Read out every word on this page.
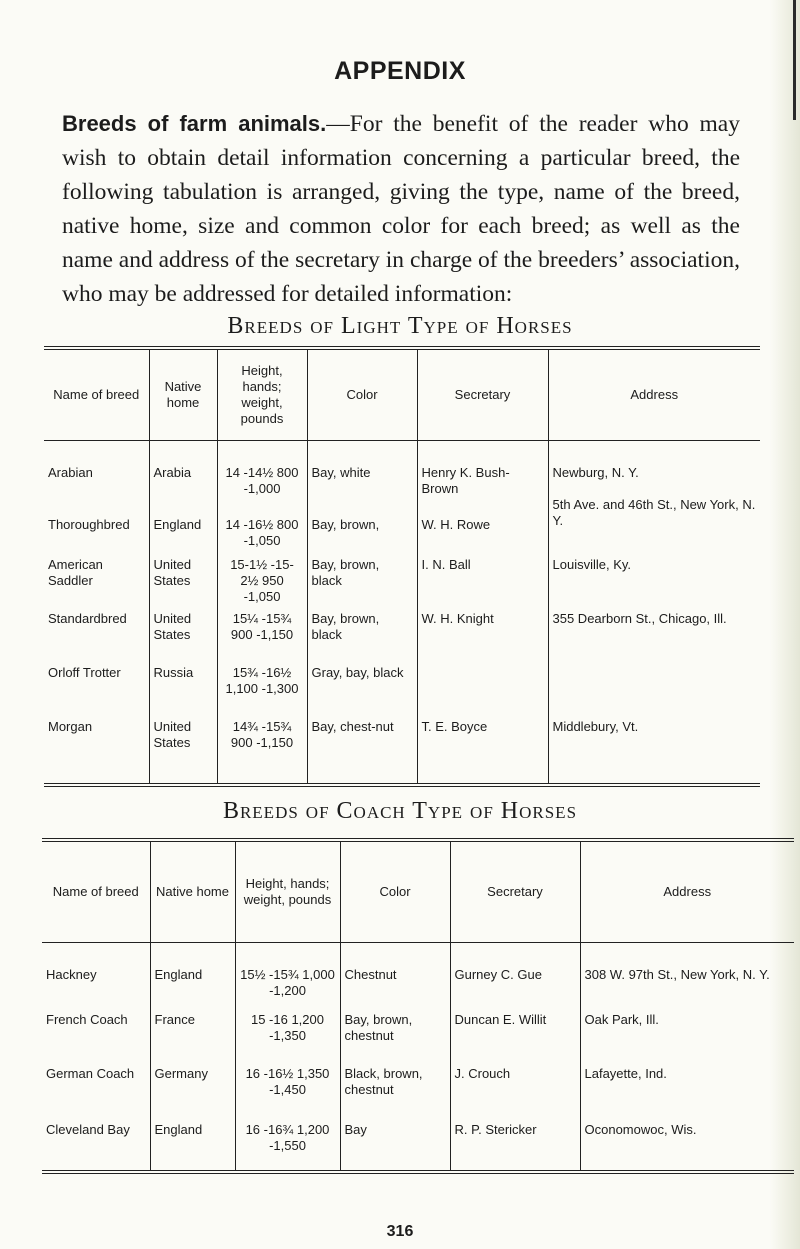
APPENDIX
Breeds of farm animals.—For the benefit of the reader who may wish to obtain detail information concerning a particular breed, the following tabulation is arranged, giving the type, name of the breed, native home, size and common color for each breed; as well as the name and address of the secretary in charge of the breeders’ association, who may be addressed for detailed information:
Breeds of Light Type of Horses
Name of breed	Native home	Height, hands; weight, pounds	Color	Secretary	Address
Arabian	Arabia	14 -14½ 800 -1,000	Bay, white	Henry K. Bush-Brown	Newburg, N. Y.
Thoroughbred	England	14 -16½ 800 -1,050	Bay, brown,	W. H. Rowe	5th Ave. and 46th St., New York, N. Y.
American Saddler	United States	15-1½ -15-2½ 950 -1,050	Bay, brown, black	I. N. Ball	Louisville, Ky.
Standardbred	United States	15¼ -15¾ 900 -1,150	Bay, brown, black	W. H. Knight	355 Dearborn St., Chicago, Ill.
Orloff Trotter	Russia	15¾ -16½ 1,100 -1,300	Gray, bay, black		
Morgan	United States	14¾ -15¾ 900 -1,150	Bay, chest-nut	T. E. Boyce	Middlebury, Vt.
Breeds of Coach Type of Horses
Name of breed	Native home	Height, hands; weight, pounds	Color	Secretary	Address
Hackney	England	15½ -15¾ 1,000 -1,200	Chestnut	Gurney C. Gue	308 W. 97th St., New York, N. Y.
French Coach	France	15 -16 1,200 -1,350	Bay, brown, chestnut	Duncan E. Willit	Oak Park, Ill.
German Coach	Germany	16 -16½ 1,350 -1,450	Black, brown, chestnut	J. Crouch	Lafayette, Ind.
Cleveland Bay	England	16 -16¾ 1,200 -1,550	Bay	R. P. Stericker	Oconomowoc, Wis.
316
